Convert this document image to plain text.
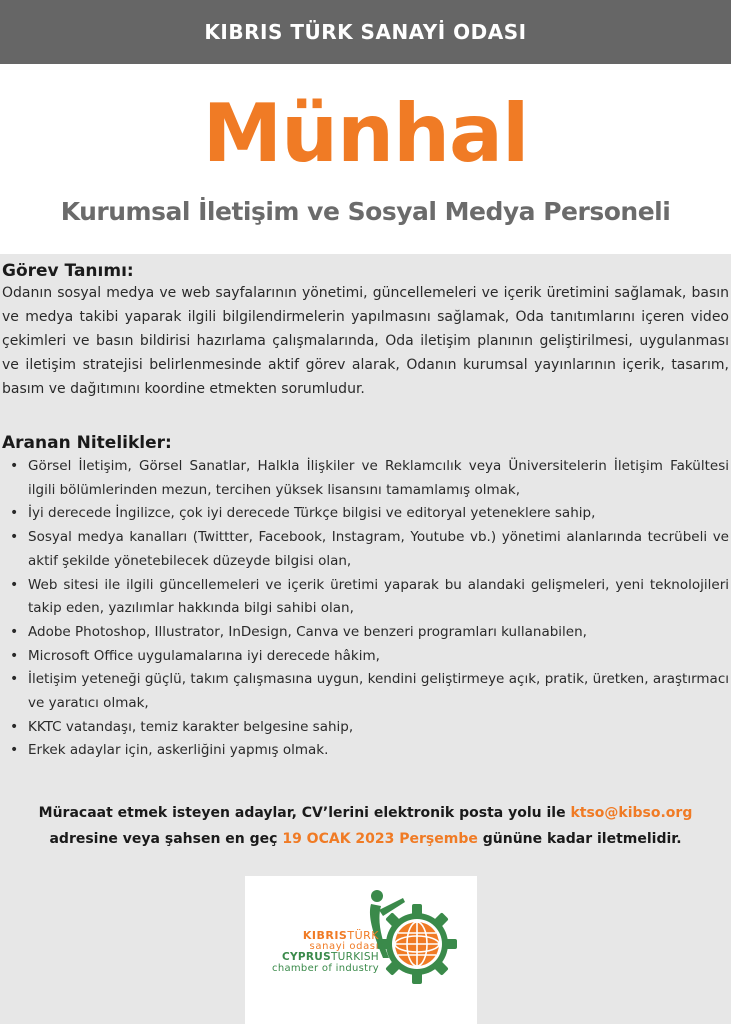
KIBRIS TÜRK SANAYİ ODASI
Münhal
Kurumsal İletişim ve Sosyal Medya Personeli
Görev Tanımı:
Odanın sosyal medya ve web sayfalarının yönetimi, güncellemeleri ve içerik üretimini sağlamak, basın ve medya takibi yaparak ilgili bilgilendirmelerin yapılmasını sağlamak, Oda tanıtımlarını içeren video çekimleri ve basın bildirisi hazırlama çalışmalarında, Oda iletişim planının geliştirilmesi, uygulanması ve iletişim stratejisi belirlenmesinde aktif görev alarak, Odanın kurumsal yayınlarının içerik, tasarım, basım ve dağıtımını koordine etmekten sorumludur.
Aranan Nitelikler:
• Görsel İletişim, Görsel Sanatlar, Halkla İlişkiler ve Reklamcılık veya Üniversitelerin İletişim Fakültesi ilgili bölümlerinden mezun, tercihen yüksek lisansını tamamlamış olmak,
• İyi derecede İngilizce, çok iyi derecede Türkçe bilgisi ve editoryal yeteneklere sahip,
• Sosyal medya kanalları (Twittter, Facebook, Instagram, Youtube vb.) yönetimi alanlarında tecrübeli ve aktif şekilde yönetebilecek düzeyde bilgisi olan,
• Web sitesi ile ilgili güncellemeleri ve içerik üretimi yaparak bu alandaki gelişmeleri, yeni teknolojileri takip eden, yazılımlar hakkında bilgi sahibi olan,
• Adobe Photoshop, Illustrator, InDesign, Canva ve benzeri programları kullanabilen,
• Microsoft Office uygulamalarına iyi derecede hâkim,
• İletişim yeteneği güçlü, takım çalışmasına uygun, kendini geliştirmeye açık, pratik, üretken, araştırmacı ve yaratıcı olmak,
• KKTC vatandaşı, temiz karakter belgesine sahip,
• Erkek adaylar için, askerliğini yapmış olmak.
Müracaat etmek isteyen adaylar, CV’lerini elektronik posta yolu ile ktso@kibso.org
adresine veya şahsen en geç 19 OCAK 2023 Perşembe gününe kadar iletmelidir.
KIBRISTÜRK
sanayi odası
CYPRUSTURKISH
chamber of industry
